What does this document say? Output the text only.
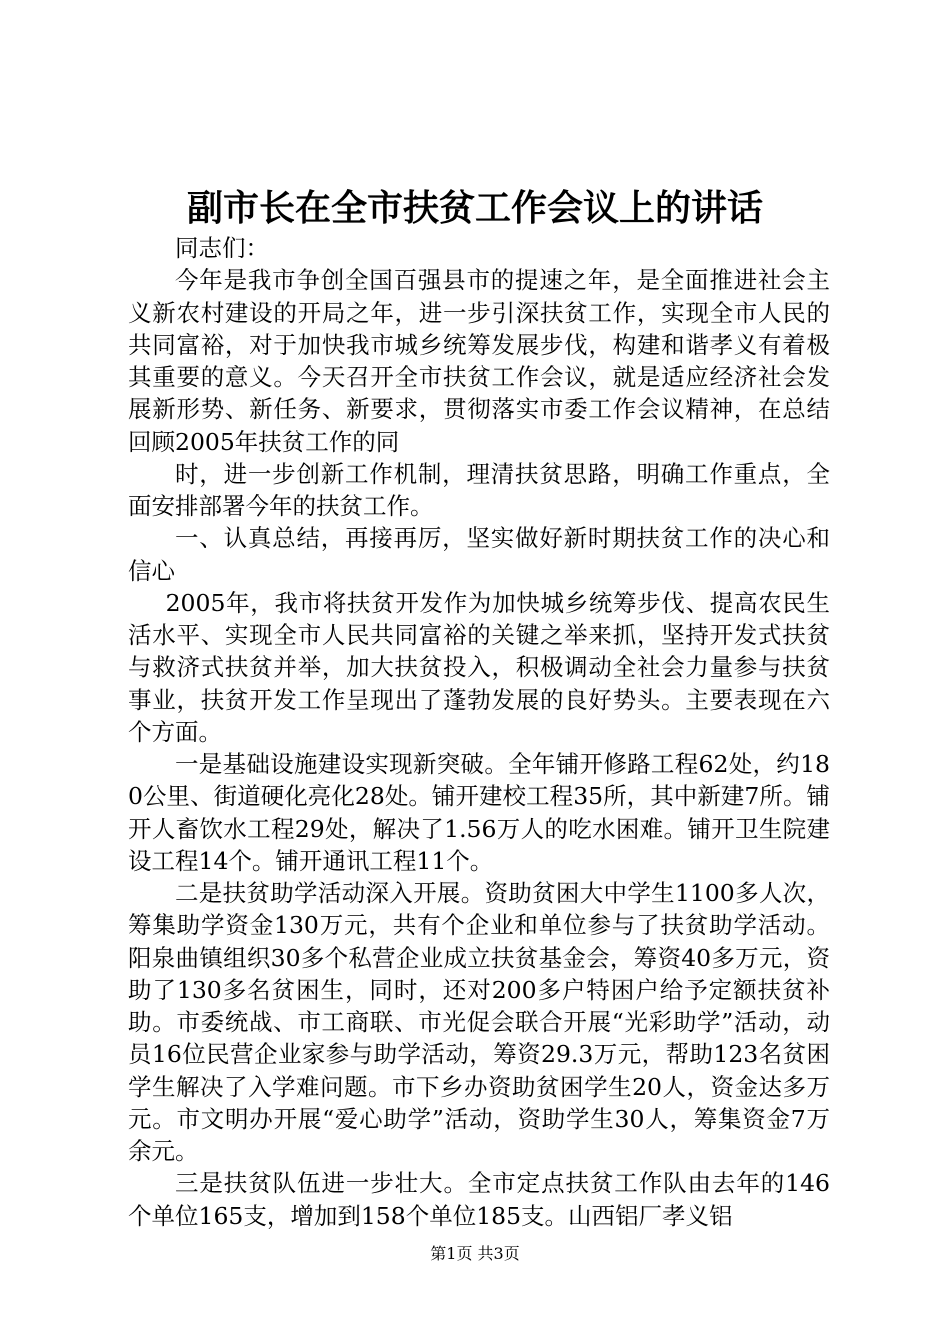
副市长在全市扶贫工作会议上的讲话

同志们：

今年是我市争创全国百强县市的提速之年，是全面推进社会主义新农村建设的开局之年，进一步引深扶贫工作，实现全市人民的共同富裕，对于加快我市城乡统筹发展步伐，构建和谐孝义有着极其重要的意义。今天召开全市扶贫工作会议，就是适应经济社会发展新形势、新任务、新要求，贯彻落实市委工作会议精神，在总结回顾2005年扶贫工作的同

时，进一步创新工作机制，理清扶贫思路，明确工作重点，全面安排部署今年的扶贫工作。

一、认真总结，再接再厉，坚实做好新时期扶贫工作的决心和信心

2005年，我市将扶贫开发作为加快城乡统筹步伐、提高农民生活水平、实现全市人民共同富裕的关键之举来抓，坚持开发式扶贫与救济式扶贫并举，加大扶贫投入，积极调动全社会力量参与扶贫事业，扶贫开发工作呈现出了蓬勃发展的良好势头。主要表现在六个方面。

一是基础设施建设实现新突破。全年铺开修路工程62处，约180公里、街道硬化亮化28处。铺开建校工程35所，其中新建7所。铺开人畜饮水工程29处，解决了1.56万人的吃水困难。铺开卫生院建设工程14个。铺开通讯工程11个。

二是扶贫助学活动深入开展。资助贫困大中学生1100多人次，筹集助学资金130万元，共有个企业和单位参与了扶贫助学活动。阳泉曲镇组织30多个私营企业成立扶贫基金会，筹资40多万元，资助了130多名贫困生，同时，还对200多户特困户给予定额扶贫补助。市委统战、市工商联、市光促会联合开展“光彩助学”活动，动员16位民营企业家参与助学活动，筹资29.3万元，帮助123名贫困学生解决了入学难问题。市下乡办资助贫困学生20人，资金达多万元。市文明办开展“爱心助学”活动，资助学生30人，筹集资金7万余元。

三是扶贫队伍进一步壮大。全市定点扶贫工作队由去年的146个单位165支，增加到158个单位185支。山西铝厂孝义铝

第1页 共3页
